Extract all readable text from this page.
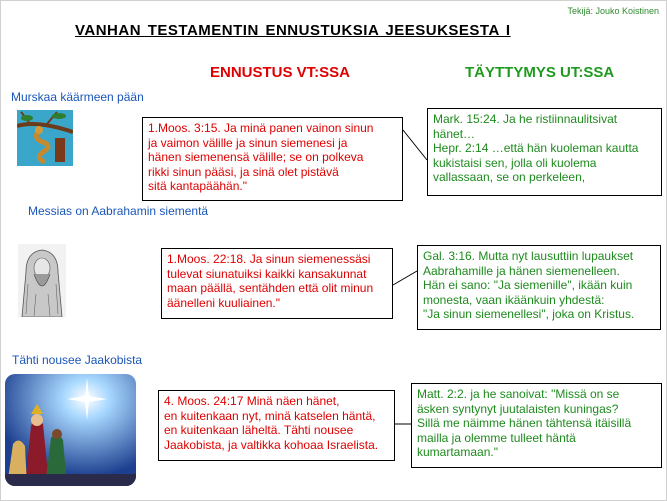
Tekijä: Jouko Koistinen
VANHAN TESTAMENTIN ENNUSTUKSIA JEESUKSESTA I
ENNUSTUS VT:SSA	TÄYTTYMYS UT:SSA
Murskaa käärmeen pään
1.Moos. 3:15. Ja minä panen vainon sinun
ja vaimon välille ja sinun siemenesi ja
hänen siemenensä välille; se on polkeva
rikki sinun pääsi, ja sinä olet pistävä
sitä kantapäähän."
Mark. 15:24. Ja he ristiinnaulitsivat
hänet…
Hepr. 2:14 …että hän kuoleman kautta
kukistaisi sen, jolla oli kuolema
vallassaan, se on perkeleen,
Messias on Aabrahamin siementä
1.Moos. 22:18. Ja sinun siemenessäsi
tulevat siunatuiksi kaikki kansakunnat
maan päällä, sentähden että olit minun
äänelleni kuuliainen."
Gal. 3:16. Mutta nyt lausuttiin lupaukset
Aabrahamille ja hänen siemenelleen.
Hän ei sano: "Ja siemenille", ikään kuin
monesta, vaan ikäänkuin yhdestä:
"Ja sinun siemenellesi", joka on Kristus.
Tähti nousee Jaakobista
4. Moos. 24:17 Minä näen hänet,
en kuitenkaan nyt, minä katselen häntä,
en kuitenkaan läheltä. Tähti nousee
Jaakobista, ja valtikka kohoaa Israelista.
Matt. 2:2. ja he sanoivat: "Missä on se
äsken syntynyt juutalaisten kuningas?
Sillä me näimme hänen tähtensä itäisillä
mailla ja olemme tulleet häntä
kumartamaan."
